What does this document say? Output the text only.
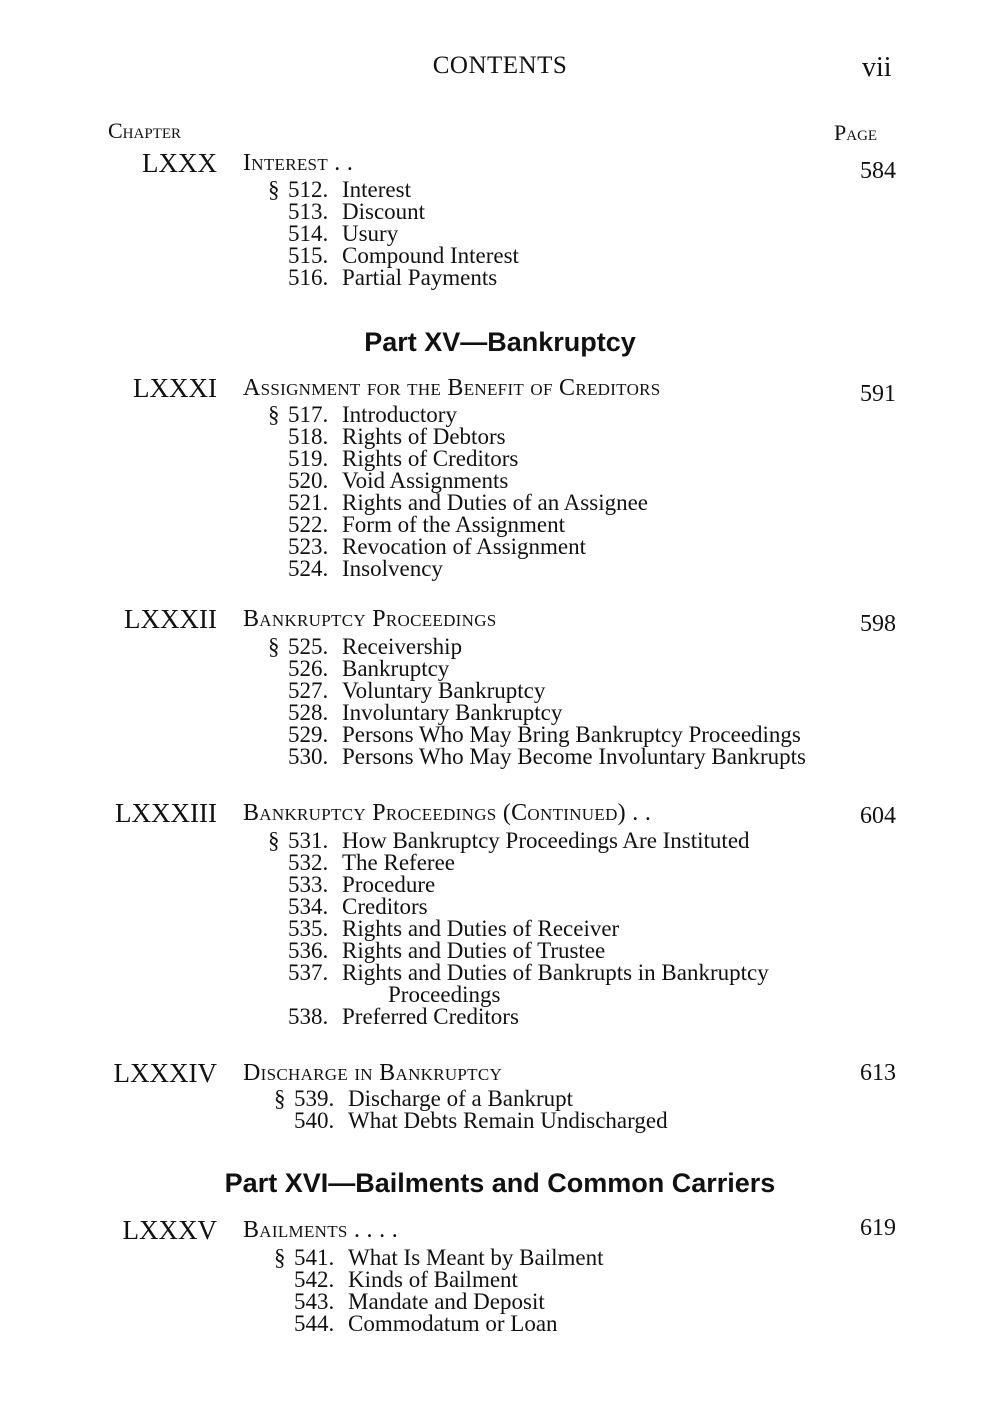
CONTENTS	vii
Chapter	Page
LXXX Interest . .	584
§ 512. Interest
513. Discount
514. Usury
515. Compound Interest
516. Partial Payments
Part XV—Bankruptcy
LXXXI Assignment for the Benefit of Creditors	591
§ 517. Introductory
518. Rights of Debtors
519. Rights of Creditors
520. Void Assignments
521. Rights and Duties of an Assignee
522. Form of the Assignment
523. Revocation of Assignment
524. Insolvency
LXXXII Bankruptcy Proceedings	598
§ 525. Receivership
526. Bankruptcy
527. Voluntary Bankruptcy
528. Involuntary Bankruptcy
529. Persons Who May Bring Bankruptcy Proceedings
530. Persons Who May Become Involuntary Bankrupts
LXXXIII Bankruptcy Proceedings (Continued) . .	604
§ 531. How Bankruptcy Proceedings Are Instituted
532. The Referee
533. Procedure
534. Creditors
535. Rights and Duties of Receiver
536. Rights and Duties of Trustee
537. Rights and Duties of Bankrupts in Bankruptcy
Proceedings
538. Preferred Creditors
LXXXIV Discharge in Bankruptcy	613
§ 539. Discharge of a Bankrupt
540. What Debts Remain Undischarged
Part XVI—Bailments and Common Carriers
LXXXV Bailments . . . .	619
§ 541. What Is Meant by Bailment
542. Kinds of Bailment
543. Mandate and Deposit
544. Commodatum or Loan
